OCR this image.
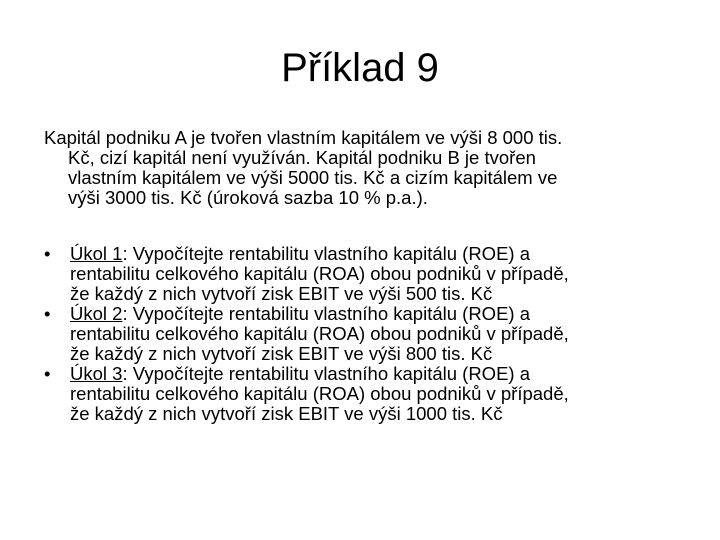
Příklad 9

Kapitál podniku A je tvořen vlastním kapitálem ve výši 8 000 tis.
Kč, cizí kapitál není využíván. Kapitál podniku B je tvořen
vlastním kapitálem ve výši 5000 tis. Kč a cizím kapitálem ve
výši 3000 tis. Kč (úroková sazba 10 % p.a.).

• Úkol 1: Vypočítejte rentabilitu vlastního kapitálu (ROE) a
rentabilitu celkového kapitálu (ROA) obou podniků v případě,
že každý z nich vytvoří zisk EBIT ve výši 500 tis. Kč
• Úkol 2: Vypočítejte rentabilitu vlastního kapitálu (ROE) a
rentabilitu celkového kapitálu (ROA) obou podniků v případě,
že každý z nich vytvoří zisk EBIT ve výši 800 tis. Kč
• Úkol 3: Vypočítejte rentabilitu vlastního kapitálu (ROE) a
rentabilitu celkového kapitálu (ROA) obou podniků v případě,
že každý z nich vytvoří zisk EBIT ve výši 1000 tis. Kč
